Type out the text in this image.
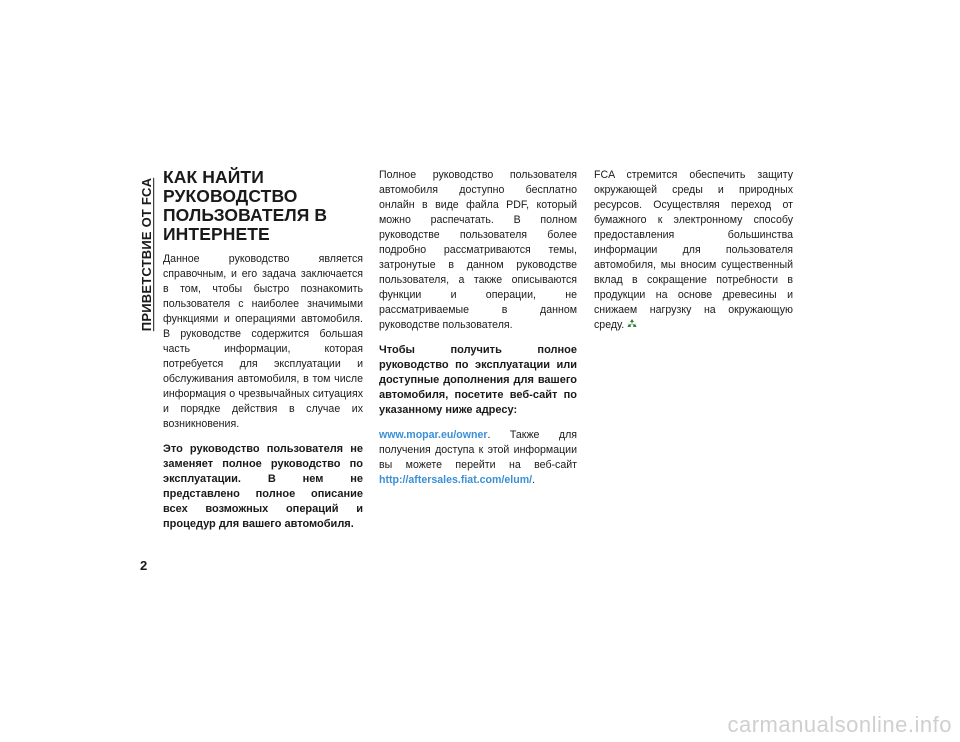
ПРИВЕТСТВИЕ ОТ FCA
2
КАК НАЙТИ РУКОВОДСТВО ПОЛЬЗОВАТЕЛЯ В ИНТЕРНЕТЕ

Данное руководство является справочным, и его задача заключается в том, чтобы быстро познакомить пользователя с наиболее значимыми функциями и операциями автомобиля. В руководстве содержится большая часть информации, которая потребуется для эксплуатации и обслуживания автомобиля, в том числе информация о чрезвычайных ситуациях и порядке действия в случае их возникновения.

Это руководство пользователя не заменяет полное руководство по эксплуатации. В нем не представлено полное описание всех возможных операций и процедур для вашего автомобиля.

Полное руководство пользователя автомобиля доступно бесплатно онлайн в виде файла PDF, который можно распечатать. В полном руководстве пользователя более подробно рассматриваются темы, затронутые в данном руководстве пользователя, а также описываются функции и операции, не рассматриваемые в данном руководстве пользователя.

Чтобы получить полное руководство по эксплуатации или доступные дополнения для вашего автомобиля, посетите веб-сайт по указанному ниже адресу:

www.mopar.eu/owner. Также для получения доступа к этой информации вы можете перейти на веб-сайт http://aftersales.fiat.com/elum/.

FCA стремится обеспечить защиту окружающей среды и природных ресурсов. Осуществляя переход от бумажного к электронному способу предоставления большинства информации для пользователя автомобиля, мы вносим существенный вклад в сокращение потребности в продукции на основе древесины и снижаем нагрузку на окружающую среду.

carmanualsonline.info
